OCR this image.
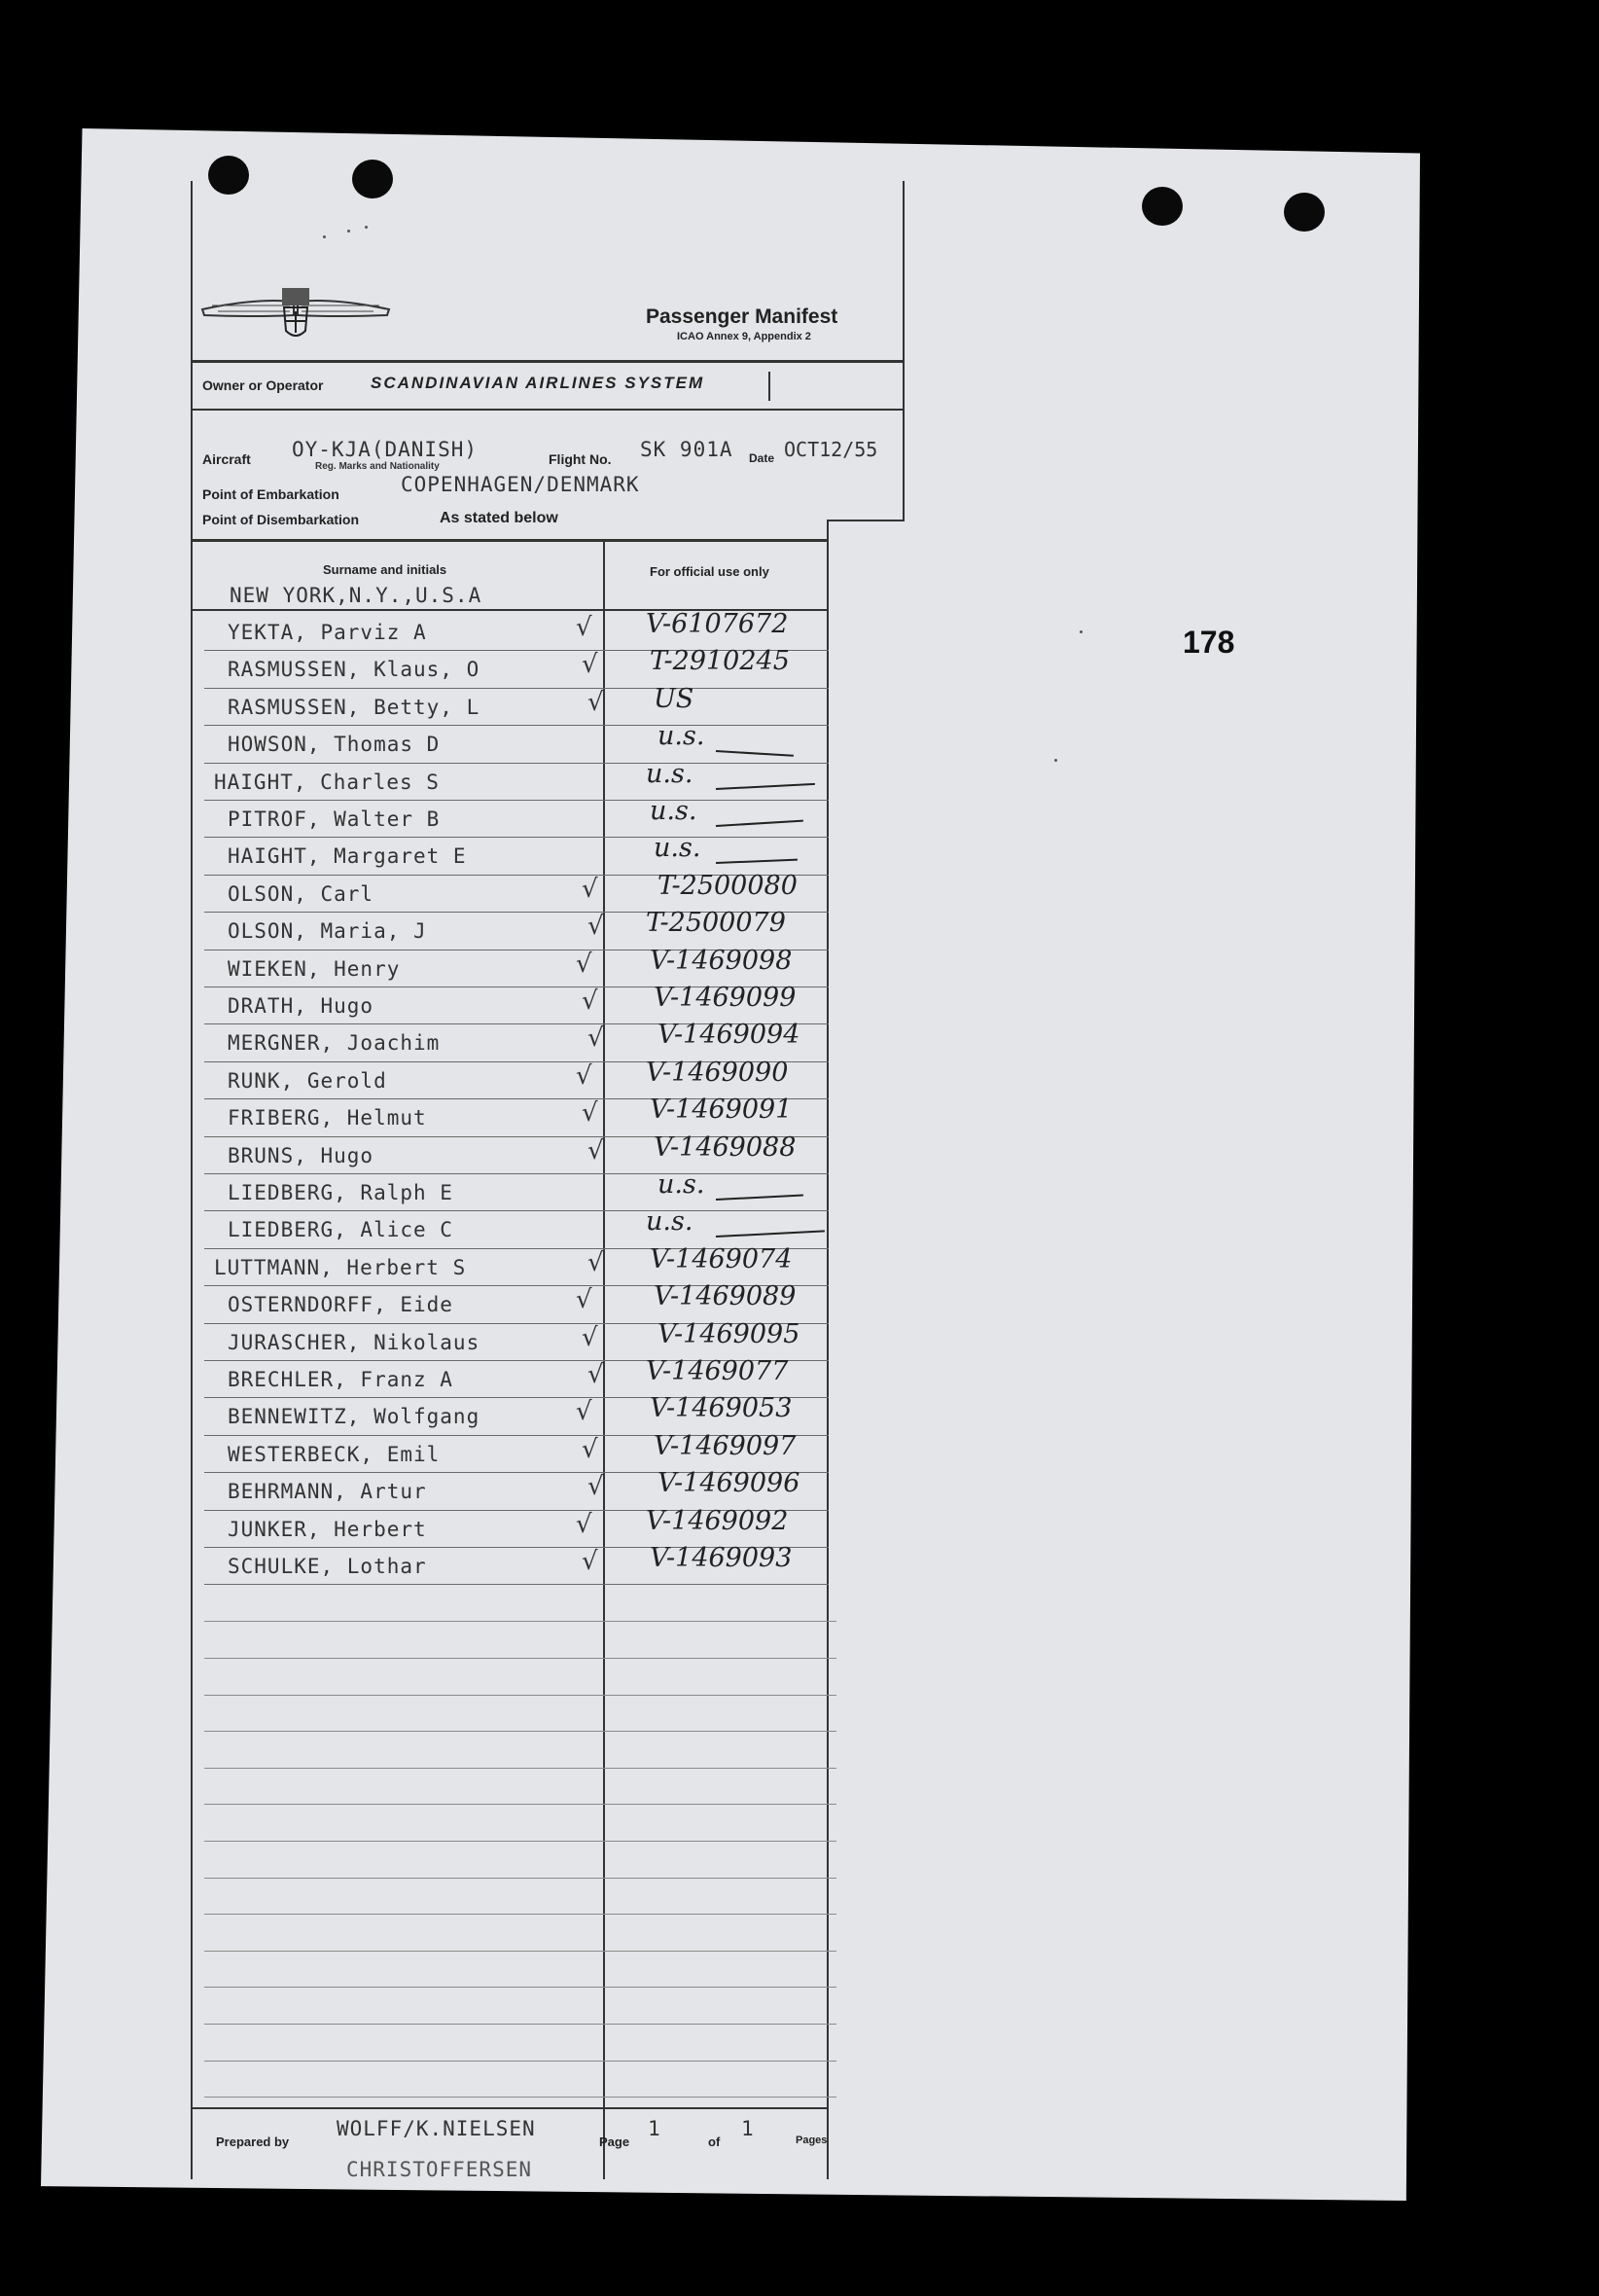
178
Passenger Manifest
ICAO Annex 9, Appendix 2
Owner or Operator	SCANDINAVIAN AIRLINES SYSTEM
Aircraft OY-KJA(DANISH)
Reg. Marks and Nationality	Flight No. SK 901A Date OCT12/55
Point of Embarkation	COPENHAGEN/DENMARK
Point of Disembarkation	As stated below
Surname and initials	For official use only
NEW YORK,N.Y.,U.S.A
YEKTA, Parviz A	√ V-6107672
RASMUSSEN, Klaus, O	√ T-2910245
RASMUSSEN, Betty, L	√ US
HOWSON, Thomas D	u.s.
HAIGHT, Charles S	u.s.
PITROF, Walter B	u.s.
HAIGHT, Margaret E	u.s.
OLSON, Carl	√ T-2500080
OLSON, Maria, J	√ T-2500079
WIEKEN, Henry	√ V-1469098
DRATH, Hugo	√ V-1469099
MERGNER, Joachim	√ V-1469094
RUNK, Gerold	√ V-1469090
FRIBERG, Helmut	√ V-1469091
BRUNS, Hugo	√ V-1469088
LIEDBERG, Ralph E	u.s.
LIEDBERG, Alice C	u.s.
LUTTMANN, Herbert S	√ V-1469074
OSTERNDORFF, Eide	√ V-1469089
JURASCHER, Nikolaus	√ V-1469095
BRECHLER, Franz A	√ V-1469077
BENNEWITZ, Wolfgang	√ V-1469053
WESTERBECK, Emil	√ V-1469097
BEHRMANN, Artur	√ V-1469096
JUNKER, Herbert	√ V-1469092
SCHULKE, Lothar	√ V-1469093
Prepared by
WOLFF/K.NIELSEN
CHRISTOFFERSEN
Page
1
of
1	Pages
